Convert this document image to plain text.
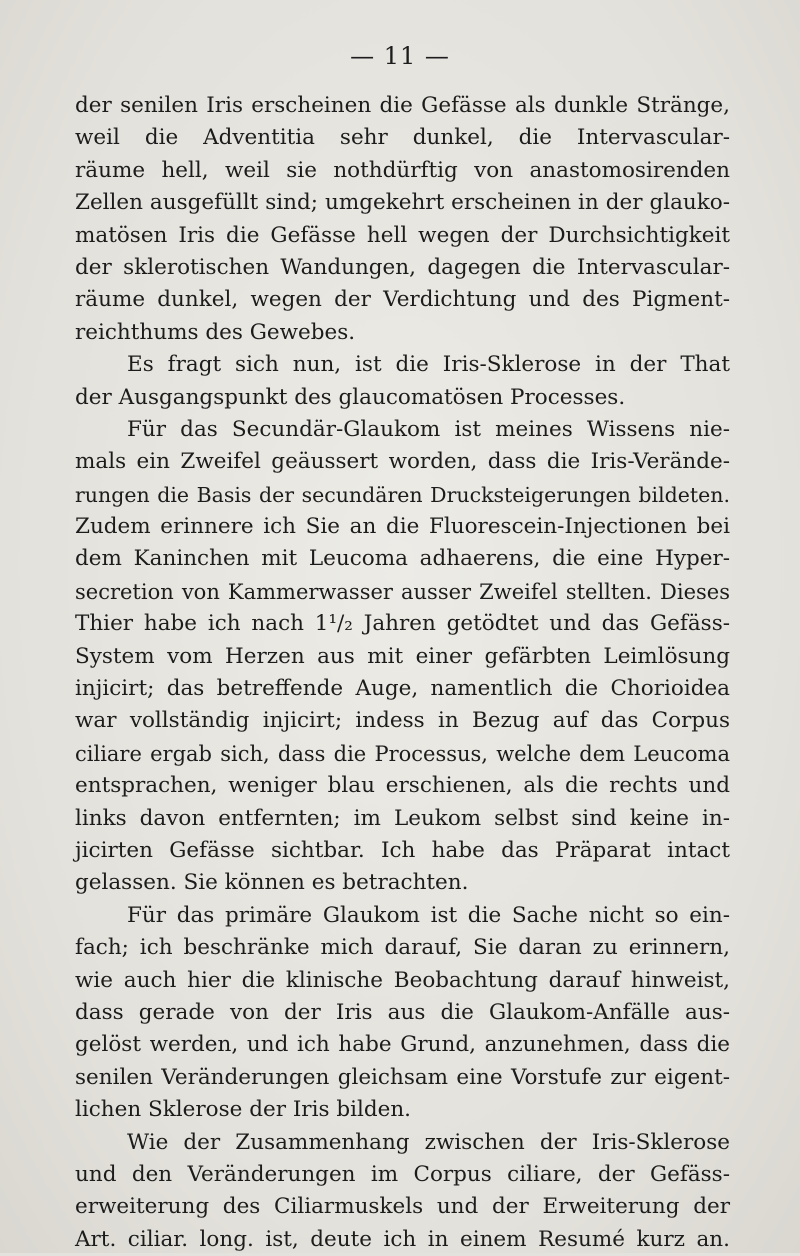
— 11 —
der senilen Iris erscheinen die Gefässe als dunkle Stränge,
weil die Adventitia sehr dunkel, die Intervascular-
räume hell, weil sie nothdürftig von anastomosirenden
Zellen ausgefüllt sind; umgekehrt erscheinen in der glauko-
matösen Iris die Gefässe hell wegen der Durchsichtigkeit
der sklerotischen Wandungen, dagegen die Intervascular-
räume dunkel, wegen der Verdichtung und des Pigment-
reichthums des Gewebes.
Es fragt sich nun, ist die Iris-Sklerose in der That
der Ausgangspunkt des glaucomatösen Processes.
Für das Secundär-Glaukom ist meines Wissens nie-
mals ein Zweifel geäussert worden, dass die Iris-Verände-
rungen die Basis der secundären Drucksteigerungen bildeten.
Zudem erinnere ich Sie an die Fluorescein-Injectionen bei
dem Kaninchen mit Leucoma adhaerens, die eine Hyper-
secretion von Kammerwasser ausser Zweifel stellten. Dieses
Thier habe ich nach 1¹/₂ Jahren getödtet und das Gefäss-
System vom Herzen aus mit einer gefärbten Leimlösung
injicirt; das betreffende Auge, namentlich die Chorioidea
war vollständig injicirt; indess in Bezug auf das Corpus
ciliare ergab sich, dass die Processus, welche dem Leucoma
entsprachen, weniger blau erschienen, als die rechts und
links davon entfernten; im Leukom selbst sind keine in-
jicirten Gefässe sichtbar. Ich habe das Präparat intact
gelassen. Sie können es betrachten.
Für das primäre Glaukom ist die Sache nicht so ein-
fach; ich beschränke mich darauf, Sie daran zu erinnern,
wie auch hier die klinische Beobachtung darauf hinweist,
dass gerade von der Iris aus die Glaukom-Anfälle aus-
gelöst werden, und ich habe Grund, anzunehmen, dass die
senilen Veränderungen gleichsam eine Vorstufe zur eigent-
lichen Sklerose der Iris bilden.
Wie der Zusammenhang zwischen der Iris-Sklerose
und den Veränderungen im Corpus ciliare, der Gefäss-
erweiterung des Ciliarmuskels und der Erweiterung der
Art. ciliar. long. ist, deute ich in einem Resumé kurz an.
